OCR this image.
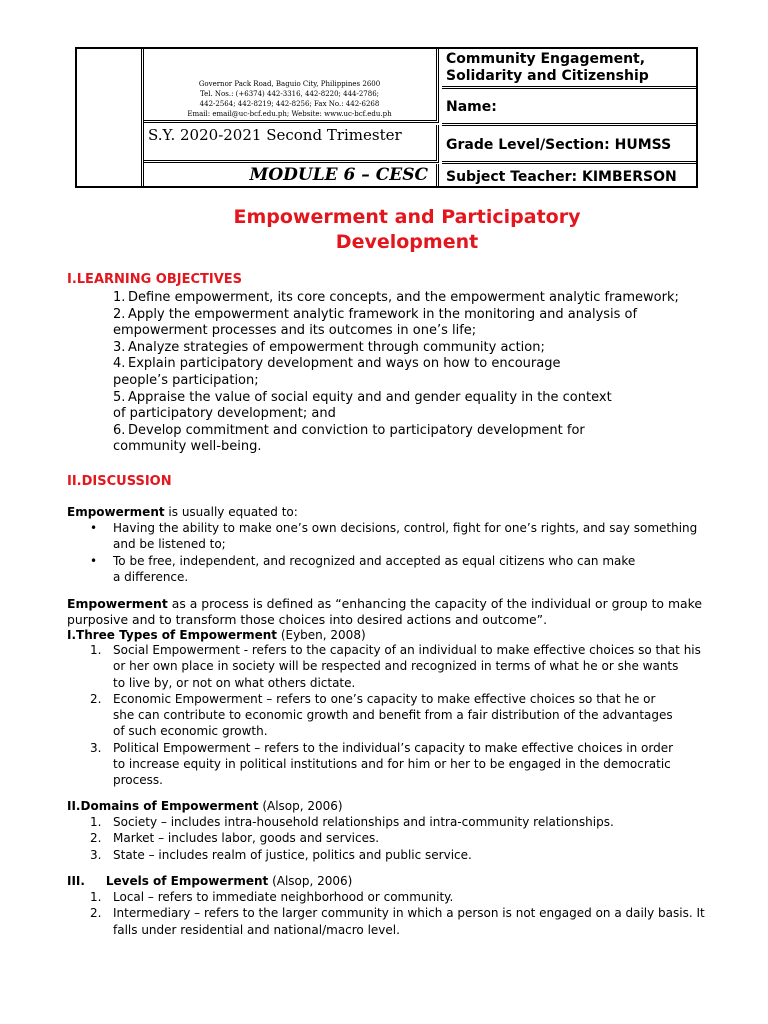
Governor Pack Road, Baguio City, Philippines 2600
Tel. Nos.: (+6374) 442-3316, 442-8220; 444-2786;
442-2564; 442-8219; 442-8256; Fax No.: 442-6268
Email: email@uc-bcf.edu.ph; Website: www.uc-bcf.edu.ph
S.Y. 2020-2021 Second Trimester
MODULE 6 – CESC
Community Engagement, Solidarity and Citizenship
Name:
Grade Level/Section: HUMSS
Subject Teacher: KIMBERSON
Empowerment and Participatory
Development
I.LEARNING OBJECTIVES
1. Define empowerment, its core concepts, and the empowerment analytic framework;
2. Apply the empowerment analytic framework in the monitoring and analysis of
empowerment processes and its outcomes in one’s life;
3. Analyze strategies of empowerment through community action;
4. Explain participatory development and ways on how to encourage
people’s participation;
5. Appraise the value of social equity and and gender equality in the context
of participatory development; and
6. Develop commitment and conviction to participatory development for
community well-being.
II.DISCUSSION
Empowerment is usually equated to:
• Having the ability to make one’s own decisions, control, fight for one’s rights, and say something
and be listened to;
• To be free, independent, and recognized and accepted as equal citizens who can make
a difference.
Empowerment as a process is defined as “enhancing the capacity of the individual or group to make
purposive and to transform those choices into desired actions and outcome”.
I.Three Types of Empowerment (Eyben, 2008)
1. Social Empowerment - refers to the capacity of an individual to make effective choices so that his
or her own place in society will be respected and recognized in terms of what he or she wants
to live by, or not on what others dictate.
2. Economic Empowerment – refers to one’s capacity to make effective choices so that he or
she can contribute to economic growth and benefit from a fair distribution of the advantages
of such economic growth.
3. Political Empowerment – refers to the individual’s capacity to make effective choices in order
to increase equity in political institutions and for him or her to be engaged in the democratic
process.
II.Domains of Empowerment (Alsop, 2006)
1. Society – includes intra-household relationships and intra-community relationships.
2. Market – includes labor, goods and services.
3. State – includes realm of justice, politics and public service.
III.     Levels of Empowerment (Alsop, 2006)
1. Local – refers to immediate neighborhood or community.
2. Intermediary – refers to the larger community in which a person is not engaged on a daily basis. It
falls under residential and national/macro level.
